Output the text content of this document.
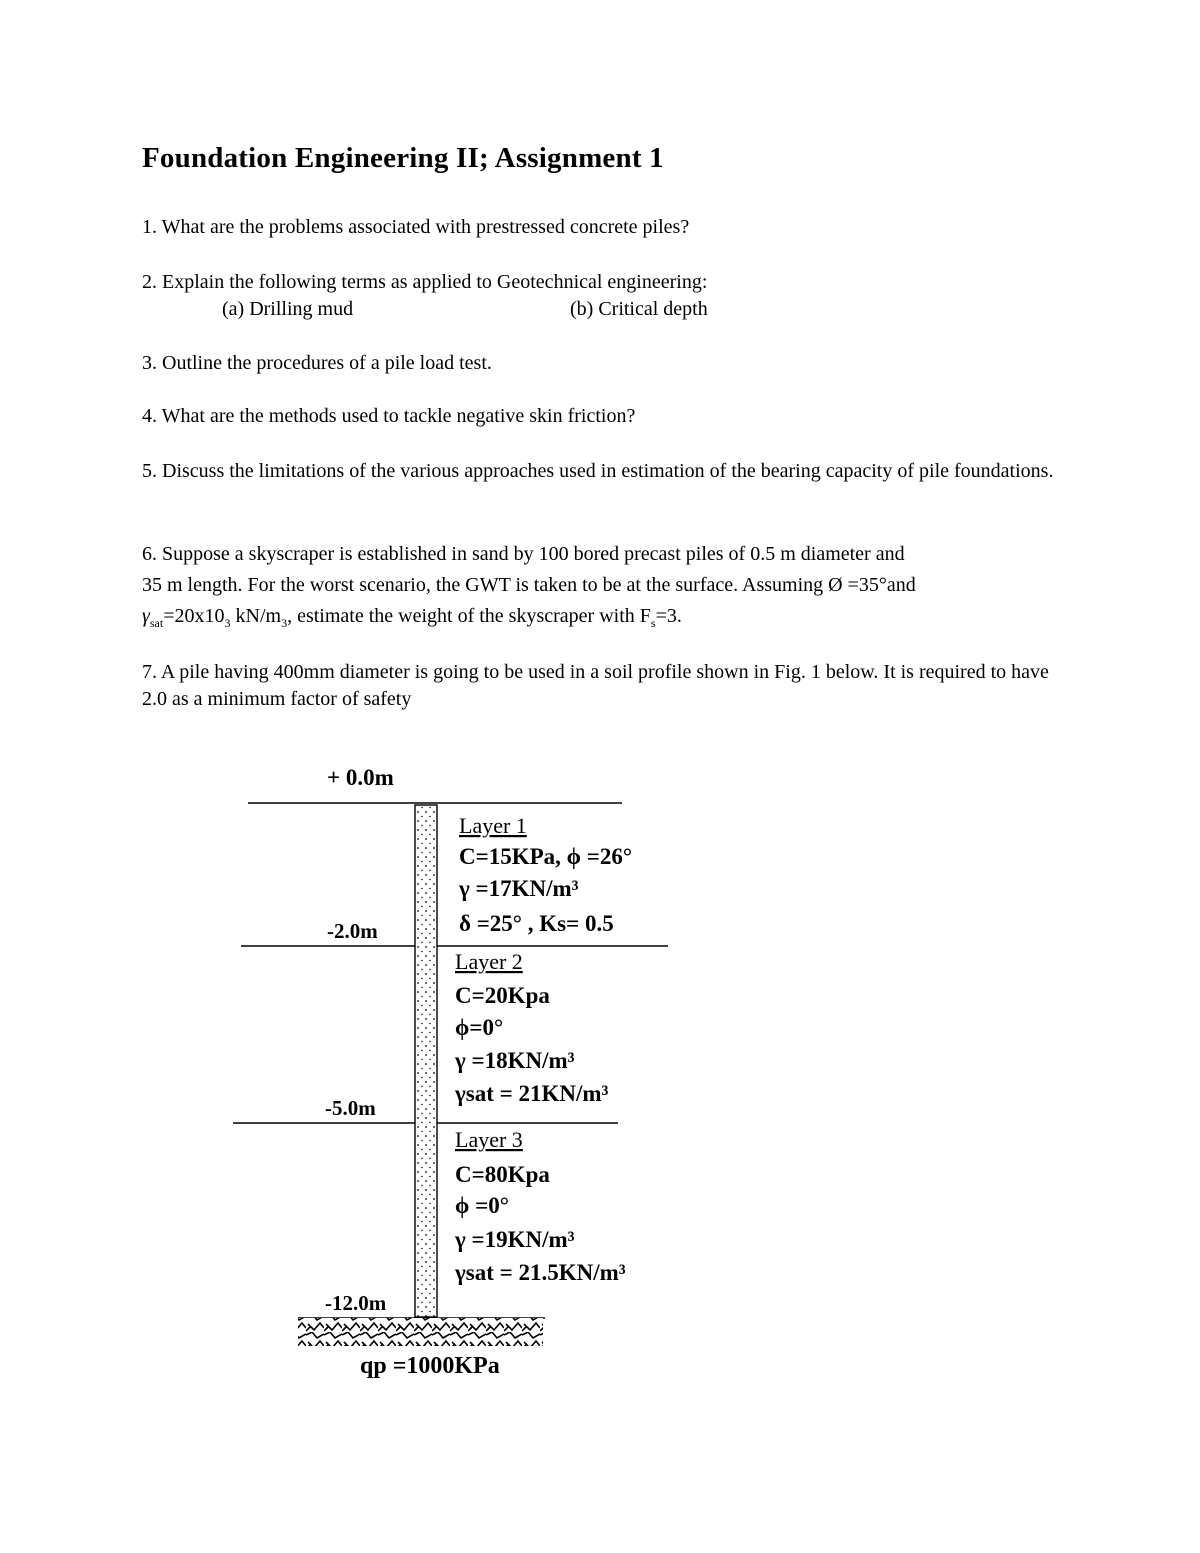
Foundation Engineering II; Assignment 1
1. What are the problems associated with prestressed concrete piles?
2. Explain the following terms as applied to Geotechnical engineering:
(a) Drilling mud	(b) Critical depth
3. Outline the procedures of a pile load test.
4. What are the methods used to tackle negative skin friction?
5. Discuss the limitations of the various approaches used in estimation of the bearing capacity of pile foundations.
6. Suppose a skyscraper is established in sand by 100 bored precast piles of 0.5 m diameter and
35 m length. For the worst scenario, the GWT is taken to be at the surface. Assuming Ø =35°and
$\gamma_{sat}=20x10_3$ $kN/m_3$, estimate the weight of the skyscraper with $F_s=3$.
7. A pile having 400mm diameter is going to be used in a soil profile shown in Fig. 1 below. It is required to have 2.0 as a minimum factor of safety
+ 0.0m
-2.0m
-5.0m
-12.0m
Layer 1
C=15KPa, ϕ =26°
γ =17KN/m³
δ =25° , Ks= 0.5
Layer 2
C=20Kpa
ϕ=0°
γ =18KN/m³
γsat = 21KN/m³
Layer 3
C=80Kpa
ϕ =0°
γ =19KN/m³
γsat = 21.5KN/m³
qp =1000KPa
